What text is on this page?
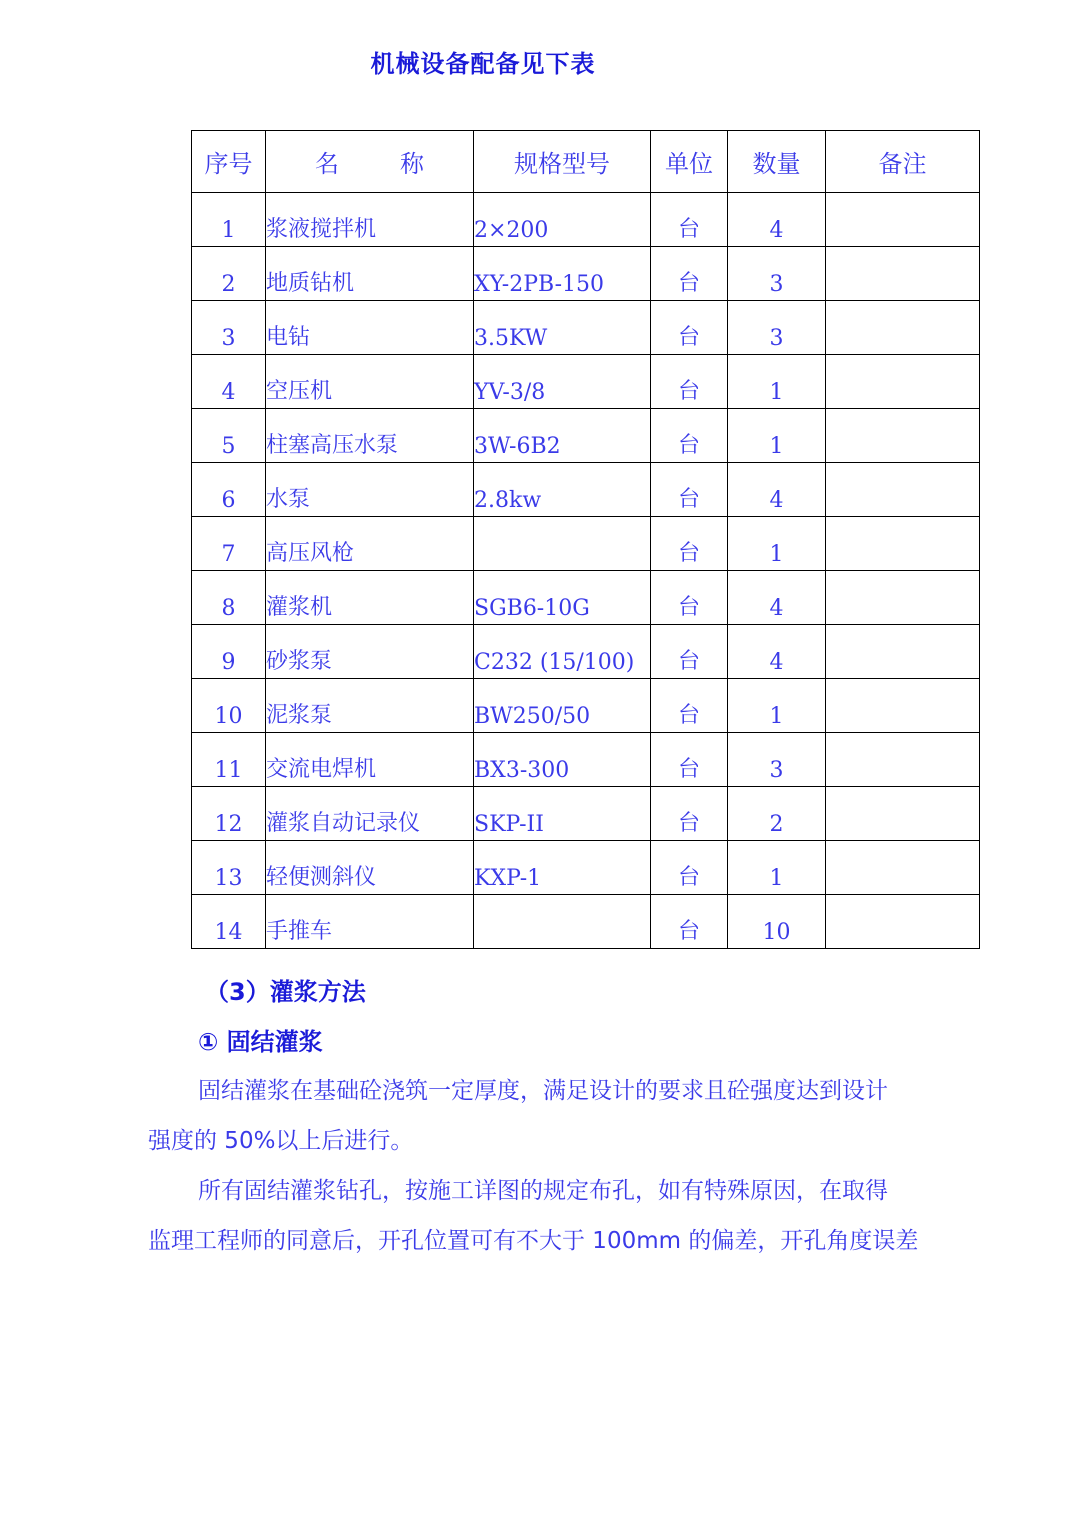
机械设备配备见下表
序号	名        称	规格型号	单位	数量	备注
1	浆液搅拌机	2×200	台	4	
2	地质钻机	XY-2PB-150	台	3	
3	电钻	3.5KW	台	3	
4	空压机	YV-3/8	台	1	
5	柱塞高压水泵	3W-6B2	台	1	
6	水泵	2.8kw	台	4	
7	高压风枪		台	1	
8	灌浆机	SGB6-10G	台	4	
9	砂浆泵	C232 (15/100)	台	4	
10	泥浆泵	BW250/50	台	1	
11	交流电焊机	BX3-300	台	3	
12	灌浆自动记录仪	SKP-II	台	2	
13	轻便测斜仪	KXP-1	台	1	
14	手推车		台	10	
（3）灌浆方法
① 固结灌浆
固结灌浆在基础砼浇筑一定厚度，满足设计的要求且砼强度达到设计
强度的 50%以上后进行。
所有固结灌浆钻孔，按施工详图的规定布孔，如有特殊原因，在取得
监理工程师的同意后，开孔位置可有不大于 100mm 的偏差，开孔角度误差
